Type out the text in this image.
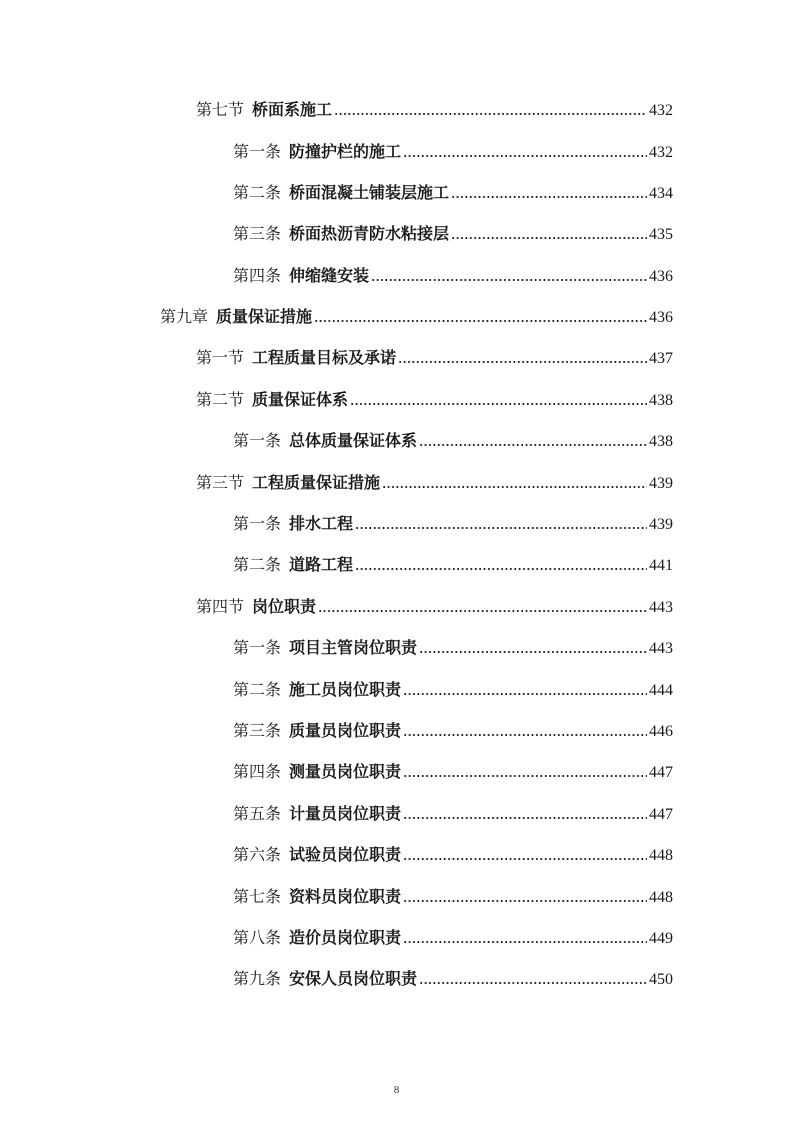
第七节 桥面系施工	432
第一条 防撞护栏的施工	432
第二条 桥面混凝土铺装层施工	434
第三条 桥面热沥青防水粘接层	435
第四条 伸缩缝安装	436
第九章 质量保证措施	436
第一节 工程质量目标及承诺	437
第二节 质量保证体系	438
第一条 总体质量保证体系	438
第三节 工程质量保证措施	439
第一条 排水工程	439
第二条 道路工程	441
第四节 岗位职责	443
第一条 项目主管岗位职责	443
第二条 施工员岗位职责	444
第三条 质量员岗位职责	446
第四条 测量员岗位职责	447
第五条 计量员岗位职责	447
第六条 试验员岗位职责	448
第七条 资料员岗位职责	448
第八条 造价员岗位职责	449
第九条 安保人员岗位职责	450
8
